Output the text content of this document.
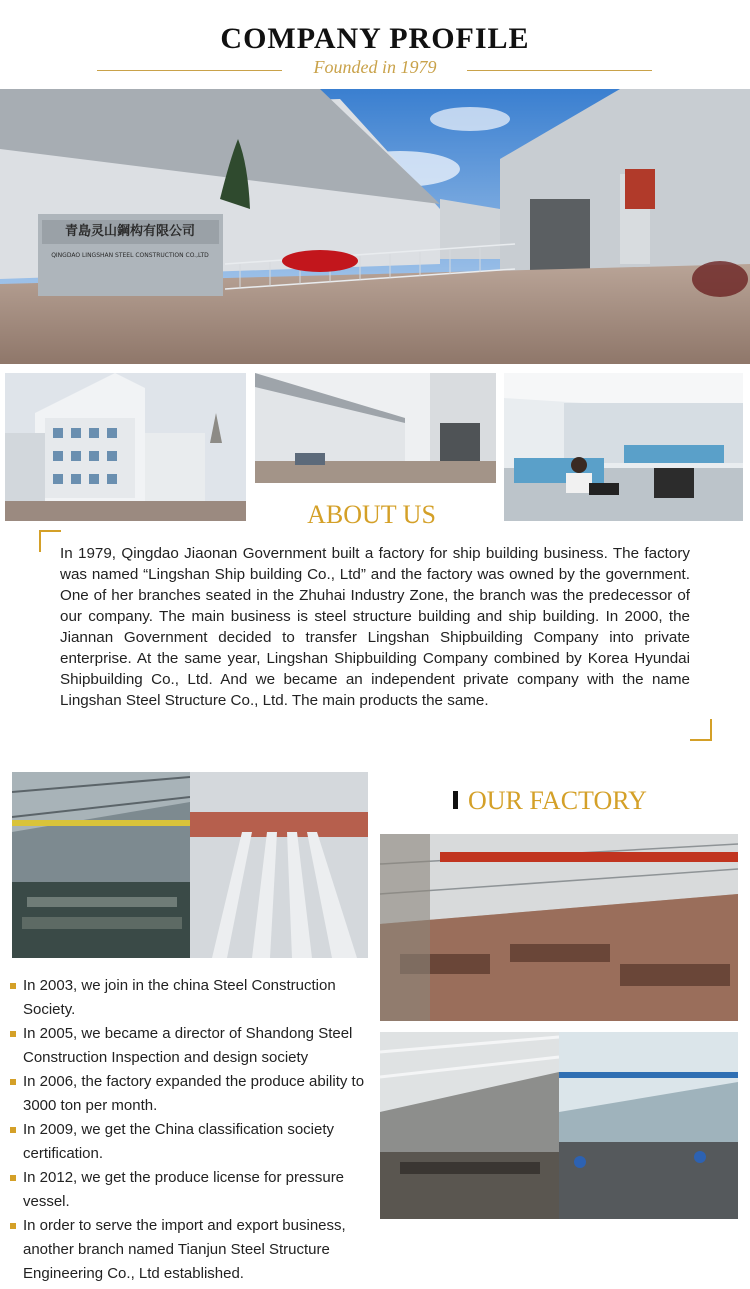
COMPANY PROFILE
Founded in 1979
青島灵山鋼构有限公司
QINGDAO LINGSHAN STEEL CONSTRUCTION CO.,LTD
ABOUT US

In 1979, Qingdao Jiaonan Government built a factory for ship building business. The factory was named “Lingshan Ship building Co., Ltd” and the factory was owned by the government. One of her branches seated in the Zhuhai Industry Zone, the branch was the predecessor of our company. The main business is steel structure building and ship building. In 2000, the Jiannan Government decided to transfer Lingshan Shipbuilding Company into private enterprise. At the same year, Lingshan Shipbuilding Company combined by Korea Hyundai Shipbuilding Co., Ltd. And we became an independent private company with the name Lingshan Steel Structure Co., Ltd. The main products the same.

OUR FACTORY
In 2003, we join in the china Steel Construction Society.
In 2005, we became a director of Shandong Steel Construction Inspection and design society
In 2006, the factory expanded the produce ability to 3000 ton per month.
In 2009, we get the China classification society certification.
In 2012, we get the produce license for pressure vessel.
In order to serve the import and export business, another branch named Tianjun Steel Structure Engineering Co., Ltd established.
